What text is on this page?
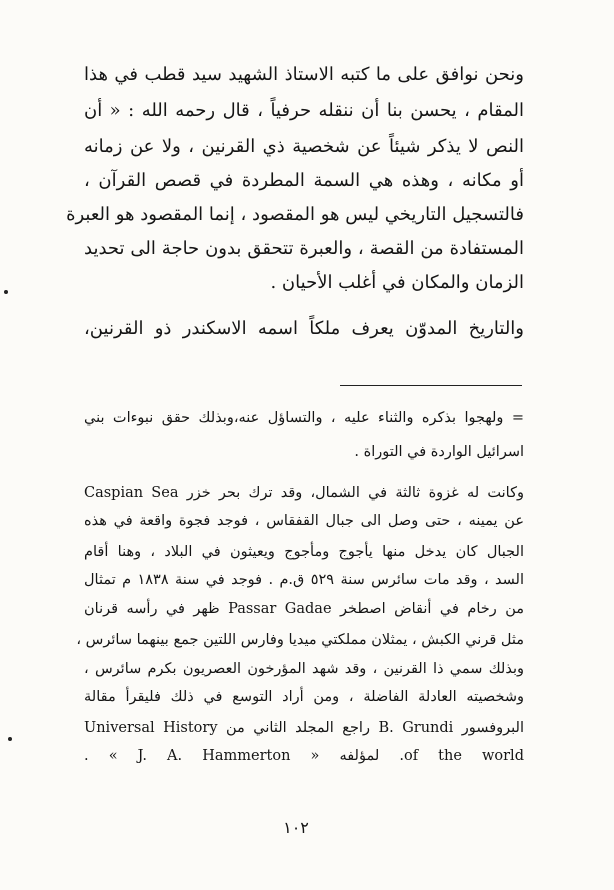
ونحن نوافق على ما كتبه الاستاذ الشهيد سيد قطب في هذا
المقام ، يحسن بنا أن ننقله حرفياً ، قال رحمه الله : « أن
النص لا يذكر شيئاً عن شخصية ذي القرنين ، ولا عن زمانه
أو مكانه ، وهذه هي السمة المطردة في قصص القرآن ،
فالتسجيل التاريخي ليس هو المقصود ، إنما المقصود هو العبرة
المستفادة من القصة ، والعبرة تتحقق بدون حاجة الى تحديد
الزمان والمكان في أغلب الأحيان .
والتاريخ المدوّن يعرف ملكاً اسمه الاسكندر ذو القرنين،
= ولهجوا بذكره والثناء عليه ، والتساؤل عنه،وبذلك حقق نبوءات بني
اسرائيل الواردة في التوراة .
وكانت له غزوة ثالثة في الشمال، وقد ترك بحر خزر Caspian Sea
عن يمينه ، حتى وصل الى جبال القفقاس ، فوجد فجوة واقعة في هذه
الجبال كان يدخل منها يأجوج ومأجوج ويعيثون في البلاد ، وهنا أقام
السد ، وقد مات سائرس سنة ٥٢٩ ق.م . فوجد في سنة ١٨٣٨ م تمثال
من رخام في أنقاض اصطخر Passar Gadae ظهر في رأسه قرنان
مثل قرني الكبش ، يمثلان مملكتي ميديا وفارس اللتين جمع بينهما سائرس ،
وبذلك سمي ذا القرنين ، وقد شهد المؤرخون العصريون بكرم سائرس ،
وشخصيته العادلة الفاضلة ، ومن أراد التوسع في ذلك فليقرأ مقالة
البروفسور B. Grundi راجع المجلد الثاني من Universal History
of the world. لمؤلفه « J. A. Hammerton » .
١٠٢
